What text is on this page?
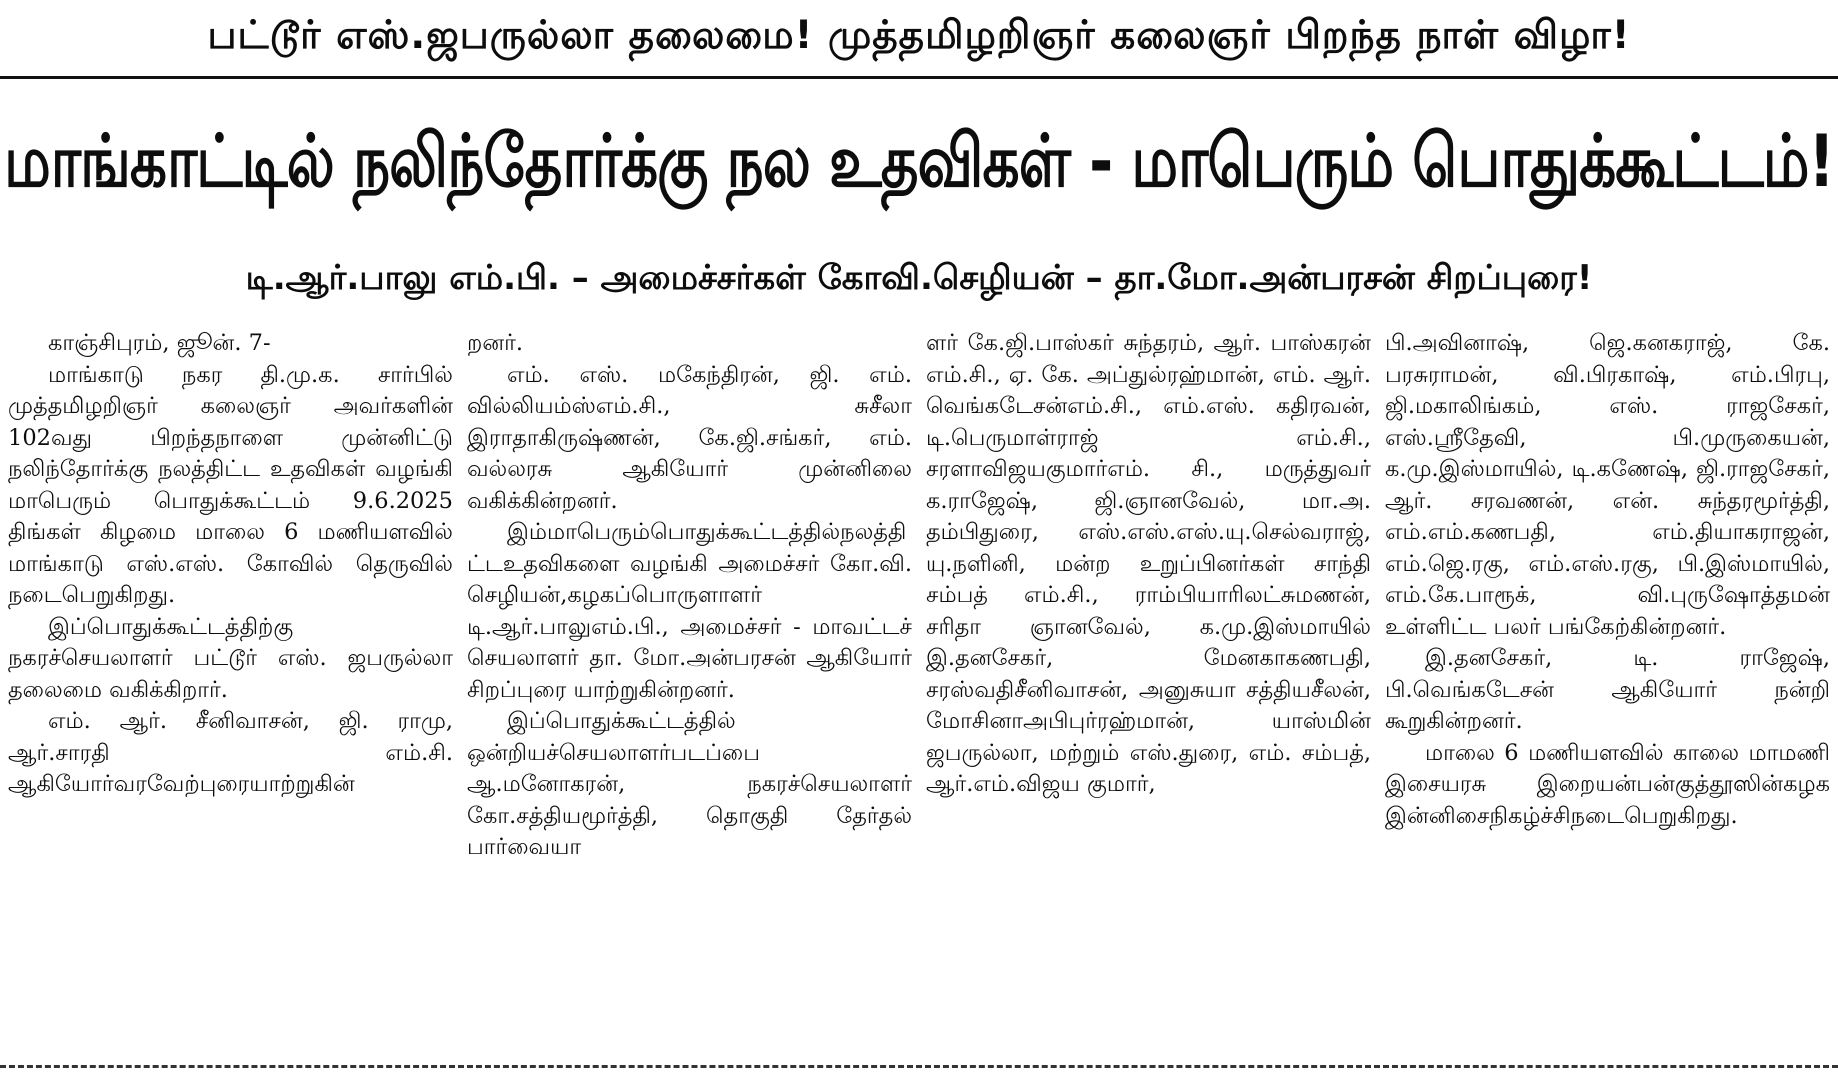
பட்டூர் எஸ்.ஜபருல்லா தலைமை! முத்தமிழறிஞர் கலைஞர் பிறந்த நாள் விழா!
மாங்காட்டில் நலிந்தோர்க்கு நல உதவிகள் - மாபெரும் பொதுக்கூட்டம்!
டி.ஆர்.பாலு எம்.பி. – அமைச்சர்கள் கோவி.செழியன் – தா.மோ.அன்பரசன் சிறப்புரை!

காஞ்சிபுரம், ஜூன். 7-

மாங்காடு நகர தி.மு.க. சார்பில் முத்தமிழறிஞர் கலைஞர் அவர்களின் 102வது பிறந்தநாளை முன்னிட்டு நலிந்தோர்க்கு நலத்திட்ட உதவிகள் வழங்கி மாபெரும் பொதுக்கூட்டம் 9.6.2025 திங்கள் கிழமை மாலை 6 மணியளவில் மாங்காடு எஸ்.எஸ். கோவில் தெருவில் நடைபெறுகிறது.

இப்பொதுக்கூட்டத்திற்கு நகரச்செயலாளர் பட்டூர் எஸ். ஜபருல்லா தலைமை வகிக்கிறார்.

எம். ஆர். சீனிவாசன், ஜி. ராமு, ஆர்.சாரதி எம்.சி. ஆகியோர்வரவேற்புரையாற்றுகின்

றனர்.

எம். எஸ். மகேந்திரன், ஜி. எம். வில்லியம்ஸ்எம்.சி., சுசீலா இராதாகிருஷ்ணன், கே.ஜி.சங்கர், எம். வல்லரசு ஆகியோர் முன்னிலை வகிக்கின்றனர்.

இம்மாபெரும்பொதுக்கூட்டத்தில்நலத்திட்டஉதவிகளை வழங்கி அமைச்சர் கோ.வி. செழியன்,கழகப்பொருளாளர் டி.ஆர்.பாலுஎம்.பி., அமைச்சர் - மாவட்டச் செயலாளர் தா. மோ.அன்பரசன் ஆகியோர் சிறப்புரை யாற்றுகின்றனர்.

இப்பொதுக்கூட்டத்தில் ஒன்றியச்செயலாளர்படப்பை ஆ.மனோகரன், நகரச்செயலாளர் கோ.சத்தியமூர்த்தி, தொகுதி தேர்தல் பார்வையா

ளர் கே.ஜி.பாஸ்கர் சுந்தரம், ஆர். பாஸ்கரன் எம்.சி., ஏ. கே. அப்துல்ரஹ்மான், எம். ஆர். வெங்கடேசன்எம்.சி., எம்.எஸ். கதிரவன், டி.பெருமாள்ராஜ் எம்.சி., சரளாவிஜயகுமார்எம். சி., மருத்துவர் க.ராஜேஷ், ஜி.ஞானவேல், மா.அ. தம்பிதுரை, எஸ்.எஸ்.எஸ்.யு.செல்வராஜ், யு.நளினி, மன்ற உறுப்பினர்கள் சாந்தி சம்பத் எம்.சி., ராம்பியாரிலட்சுமணன், சரிதா ஞானவேல், க.மு.இஸ்மாயில் இ.தனசேகர், மேனகாகணபதி, சரஸ்வதிசீனிவாசன், அனுசுயா சத்தியசீலன், மோசினாஅபிபுர்ரஹ்மான், யாஸ்மின் ஜபருல்லா, மற்றும் எஸ்.துரை, எம். சம்பத், ஆர்.எம்.விஜய குமார்,

பி.அவினாஷ், ஜெ.கனகராஜ், கே. பரசுராமன், வி.பிரகாஷ், எம்.பிரபு, ஜி.மகாலிங்கம், எஸ். ராஜசேகர், எஸ்.ஸ்ரீதேவி, பி.முருகையன், க.மு.இஸ்மாயில், டி.கணேஷ், ஜி.ராஜசேகர், ஆர். சரவணன், என். சுந்தரமூர்த்தி, எம்.எம்.கணபதி, எம்.தியாகராஜன், எம்.ஜெ.ரகு, எம்.எஸ்.ரகு, பி.இஸ்மாயில், எம்.கே.பாரூக், வி.புருஷோத்தமன் உள்ளிட்ட பலர் பங்கேற்கின்றனர்.

இ.தனசேகர், டி. ராஜேஷ், பி.வெங்கடேசன் ஆகியோர் நன்றி கூறுகின்றனர்.

மாலை 6 மணியளவில் காலை மாமணி இசையரசு இறையன்பன்குத்தூஸின்கழக இன்னிசைநிகழ்ச்சிநடைபெறுகிறது.
